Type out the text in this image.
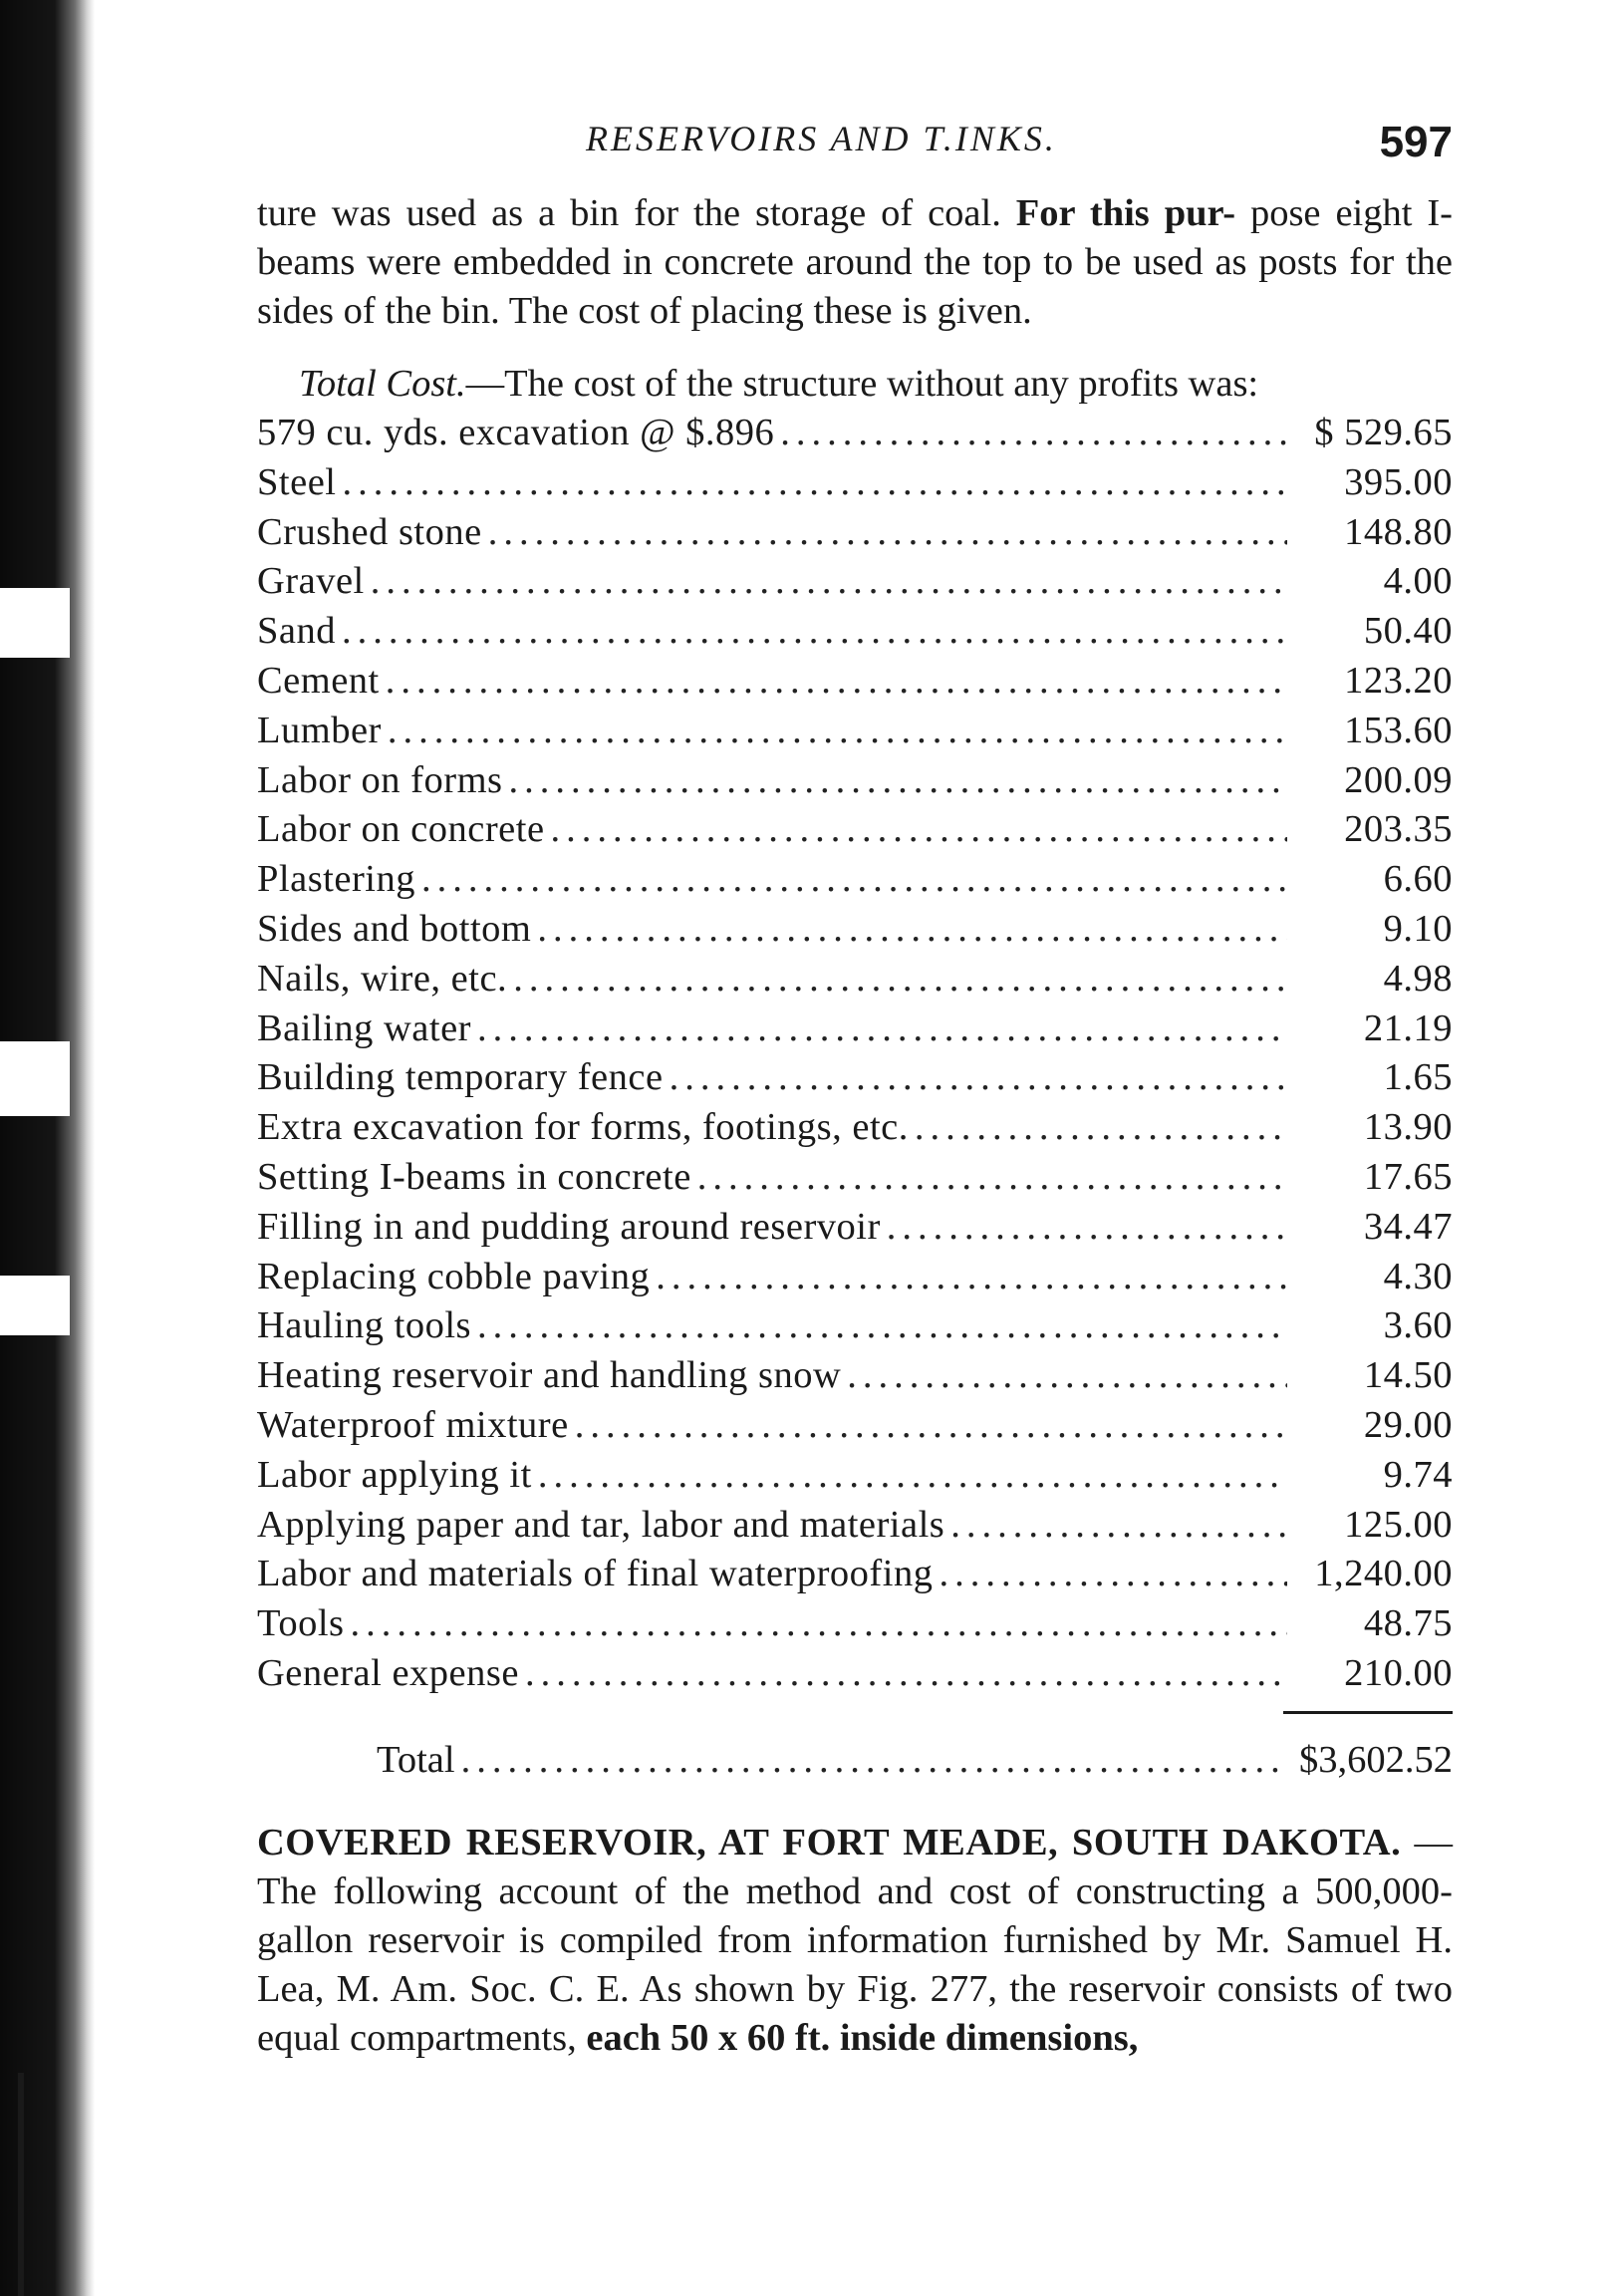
RESERVOIRS AND T.INKS.	597

ture was used as a bin for the storage of coal. For this pur- pose eight I-beams were embedded in concrete around the top to be used as posts for the sides of the bin. The cost of placing these is given.

Total Cost.—The cost of the structure without any profits was:

579 cu. yds. excavation @ $.896 .....	$ 529.65
Steel .....	395.00
Crushed stone .....	148.80
Gravel .....	4.00
Sand .....	50.40
Cement .....	123.20
Lumber .....	153.60
Labor on forms .....	200.09
Labor on concrete .....	203.35
Plastering .....	6.60
Sides and bottom .....	9.10
Nails, wire, etc. .....	4.98
Bailing water .....	21.19
Building temporary fence .....	1.65
Extra excavation for forms, footings, etc. .....	13.90
Setting I-beams in concrete .....	17.65
Filling in and pudding around reservoir .....	34.47
Replacing cobble paving .....	4.30
Hauling tools .....	3.60
Heating reservoir and handling snow .....	14.50
Waterproof mixture .....	29.00
Labor applying it .....	9.74
Applying paper and tar, labor and materials .....	125.00
Labor and materials of final waterproofing .....	1,240.00
Tools .....	48.75
General expense .....	210.00
Total .....	$3,602.52

COVERED RESERVOIR, AT FORT MEADE, SOUTH DAKOTA. — The following account of the method and cost of constructing a 500,000-gallon reservoir is compiled from information furnished by Mr. Samuel H. Lea, M. Am. Soc. C. E. As shown by Fig. 277, the reservoir consists of two equal compartments, each 50 x 60 ft. inside dimensions,
